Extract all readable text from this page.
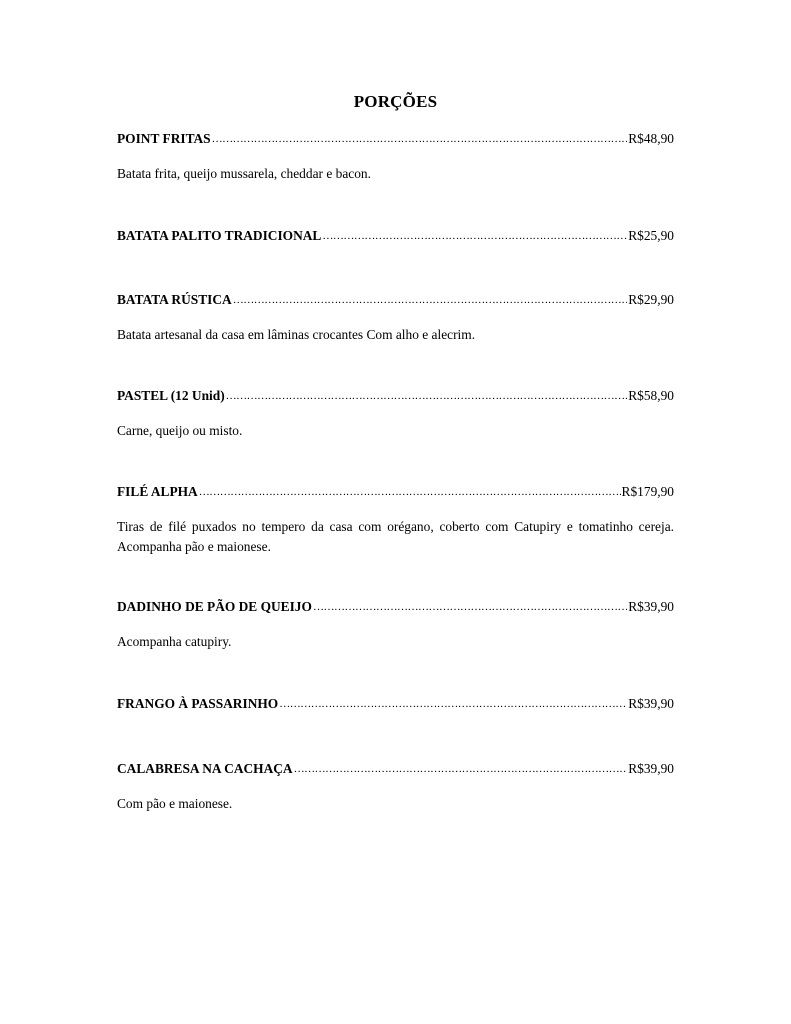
PORÇÕES
POINT FRITAS ………………………………………………………………………………………………………………………………………………………………………………………	R$48,90
Batata frita, queijo mussarela, cheddar e bacon.
BATATA PALITO TRADICIONAL ………………………………………………………………………………………………………………………………………………………………………………………	R$25,90
BATATA RÚSTICA ………………………………………………………………………………………………………………………………………………………………………………………	R$29,90
Batata artesanal da casa em lâminas crocantes Com alho e alecrim.
PASTEL (12 Unid) ………………………………………………………………………………………………………………………………………………………………………………………	R$58,90
Carne, queijo ou misto.
FILÉ ALPHA ………………………………………………………………………………………………………………………………………………………………………………………	R$179,90
Tiras de filé puxados no tempero da casa com orégano, coberto com Catupiry e tomatinho cereja. Acompanha pão e maionese.
DADINHO DE PÃO DE QUEIJO ………………………………………………………………………………………………………………………………………………………………………………………	R$39,90
Acompanha catupiry.
FRANGO À PASSARINHO ………………………………………………………………………………………………………………………………………………………………………………………	R$39,90
CALABRESA NA CACHAÇA ………………………………………………………………………………………………………………………………………………………………………………………	R$39,90
Com pão e maionese.
